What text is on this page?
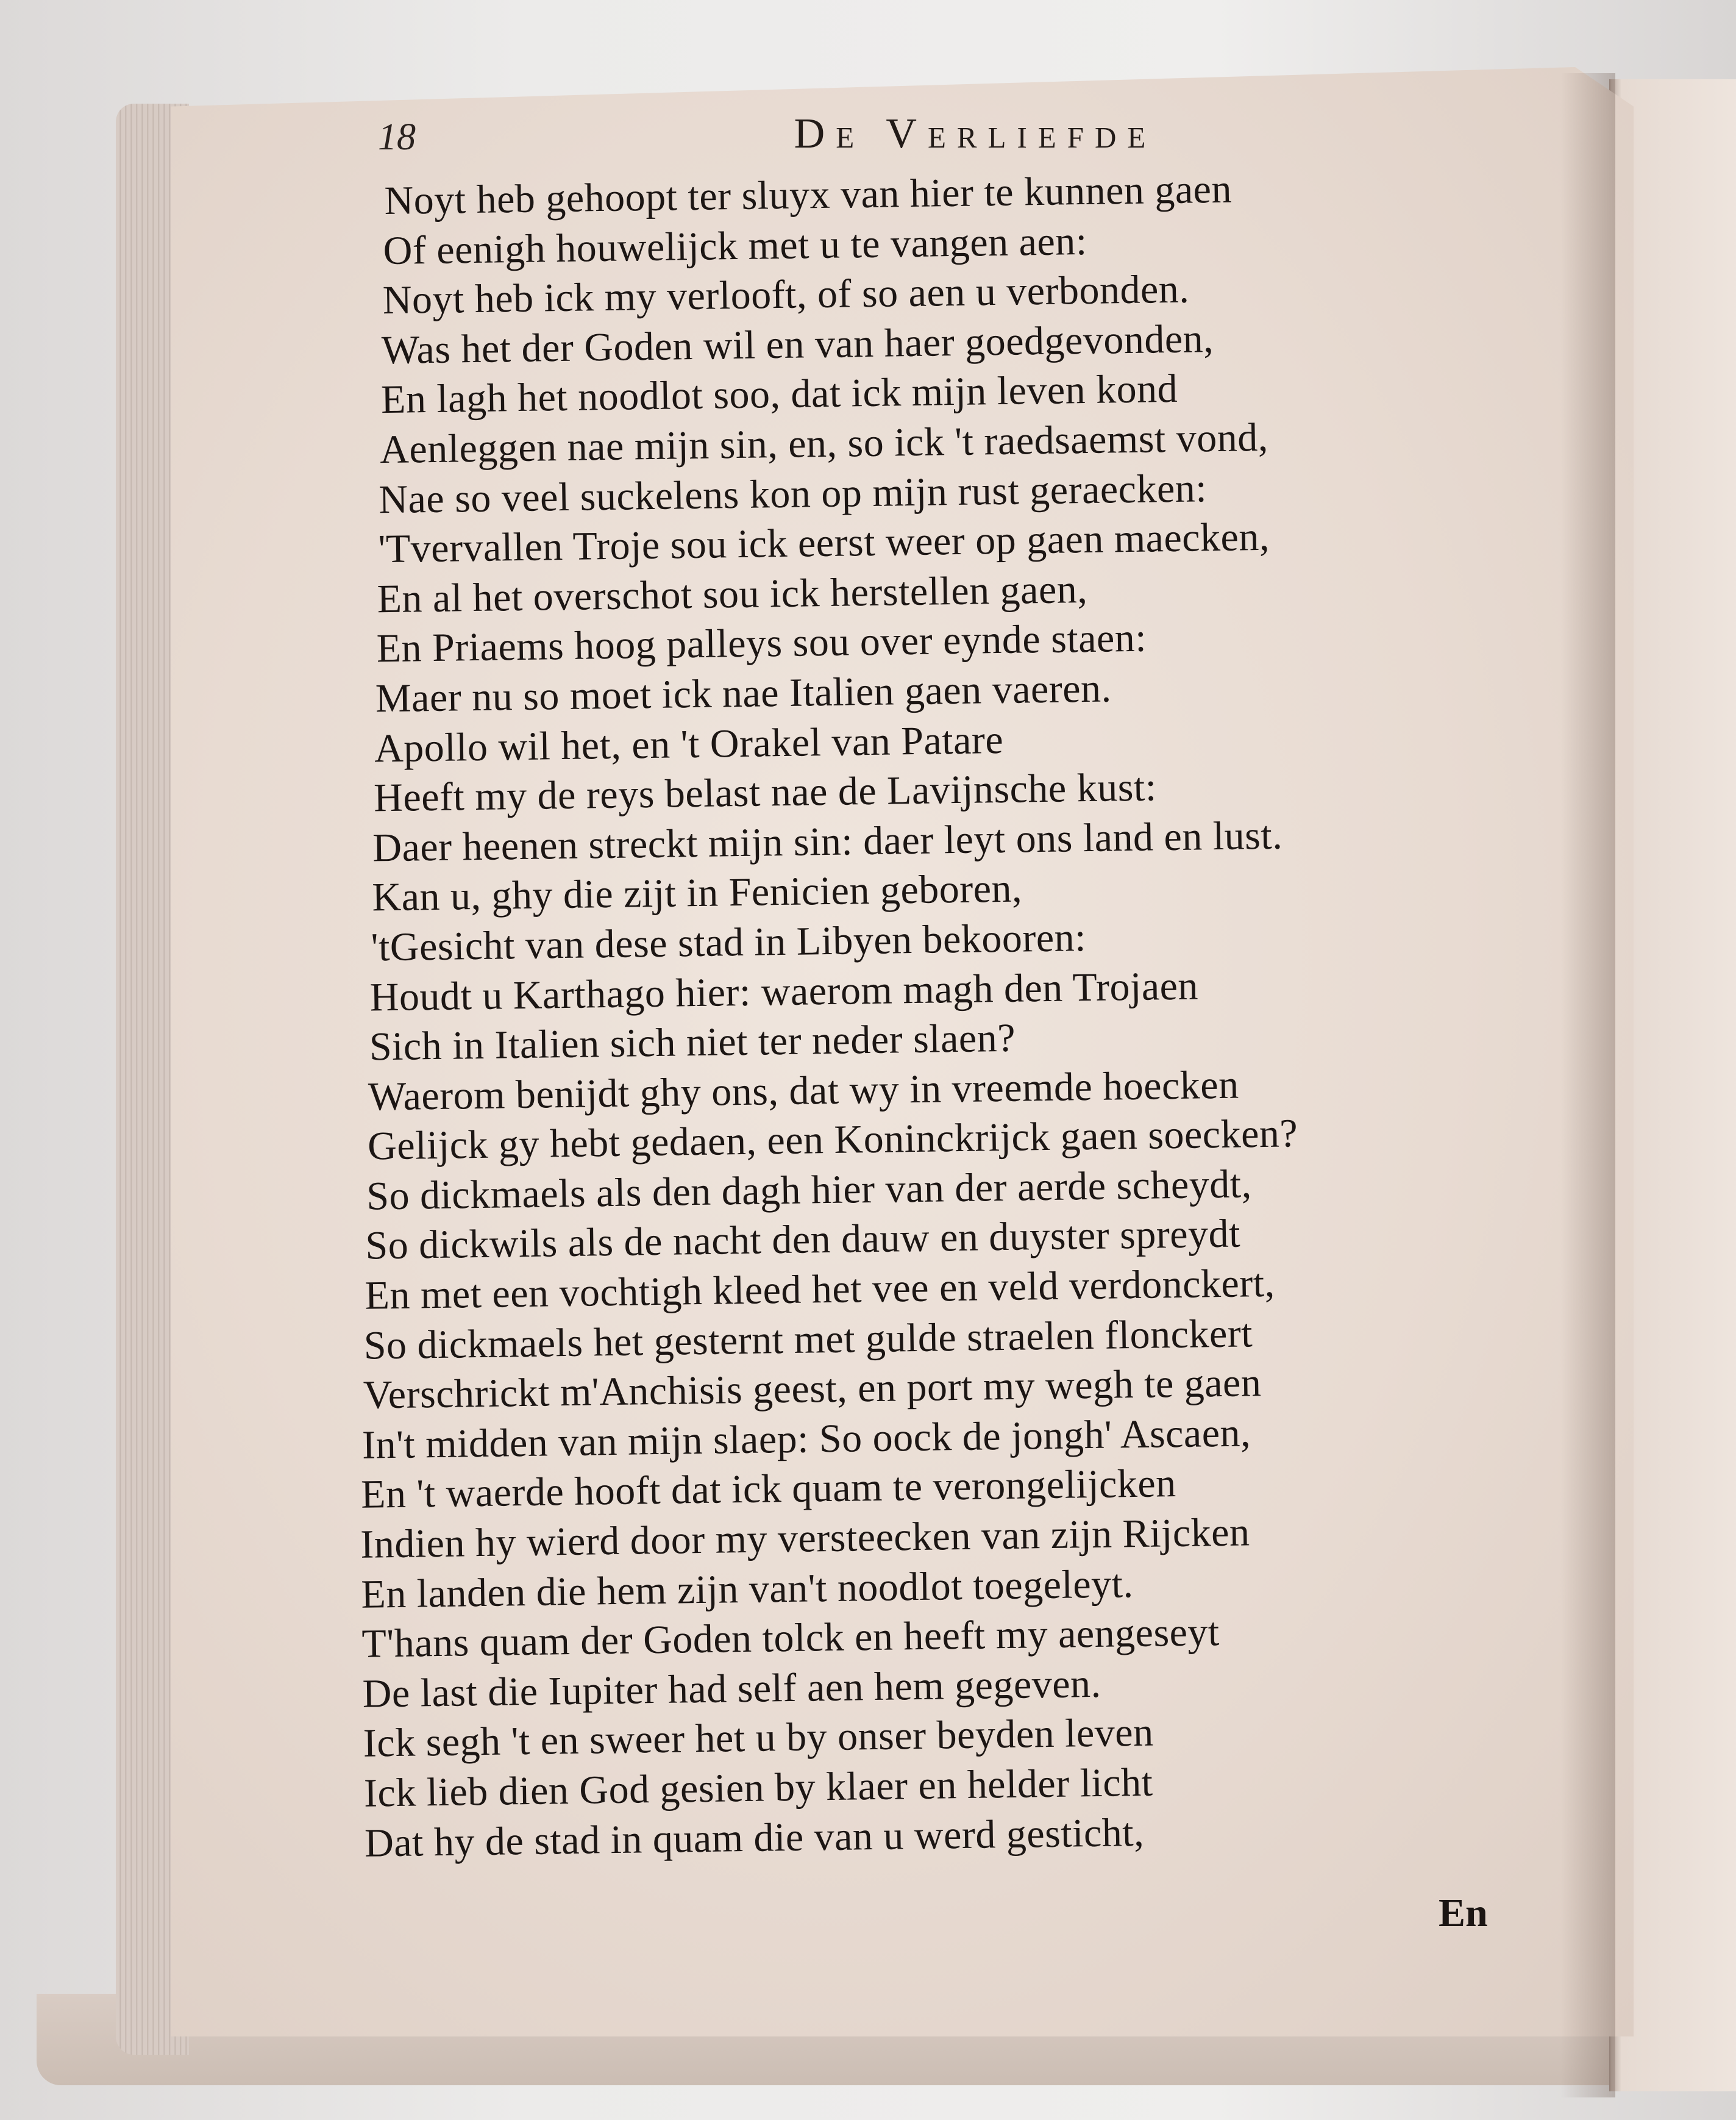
18	De Verliefde
Noyt heb gehoopt ter sluyx van hier te kunnen gaen
Of eenigh houwelijck met u te vangen aen:
Noyt heb ick my verlooft, of so aen u verbonden.
Was het der Goden wil en van haer goedgevonden,
En lagh het noodlot soo, dat ick mijn leven kond
Aenleggen nae mijn sin, en, so ick 't raedsaemst vond,
Nae so veel suckelens kon op mijn rust geraecken:
'Tvervallen Troje sou ick eerst weer op gaen maecken,
En al het overschot sou ick herstellen gaen,
En Priaems hoog palleys sou over eynde staen:
Maer nu so moet ick nae Italien gaen vaeren.
Apollo wil het, en 't Orakel van Patare
Heeft my de reys belast nae de Lavijnsche kust:
Daer heenen streckt mijn sin: daer leyt ons land en lust.
Kan u, ghy die zijt in Fenicien geboren,
'tGesicht van dese stad in Libyen bekooren:
Houdt u Karthago hier: waerom magh den Trojaen
Sich in Italien sich niet ter neder slaen?
Waerom benijdt ghy ons, dat wy in vreemde hoecken
Gelijck gy hebt gedaen, een Koninckrijck gaen soecken?
So dickmaels als den dagh hier van der aerde scheydt,
So dickwils als de nacht den dauw en duyster spreydt
En met een vochtigh kleed het vee en veld verdonckert,
So dickmaels het gesternt met gulde straelen flonckert
Verschrickt m'Anchisis geest, en port my wegh te gaen
In't midden van mijn slaep: So oock de jongh' Ascaen,
En 't waerde hooft dat ick quam te verongelijcken
Indien hy wierd door my versteecken van zijn Rijcken
En landen die hem zijn van't noodlot toegeleyt.
T'hans quam der Goden tolck en heeft my aengeseyt
De last die Iupiter had self aen hem gegeven.
Ick segh 't en sweer het u by onser beyden leven
Ick lieb dien God gesien by klaer en helder licht
Dat hy de stad in quam die van u werd gesticht,
En
